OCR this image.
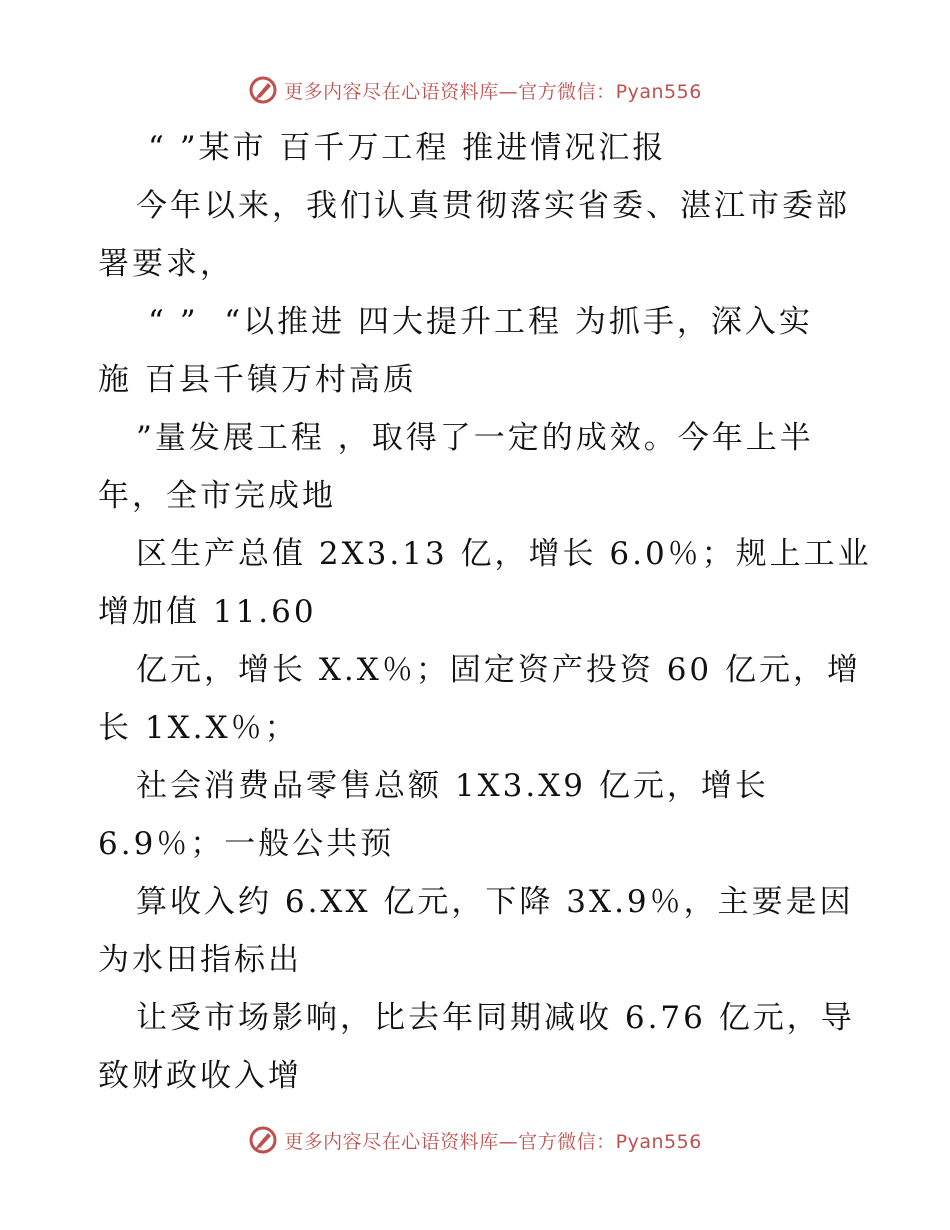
更多内容尽在心语资料库—官方微信：Pyan556
“ ”某市 百千万工程 推进情况汇报
今年以来，我们认真贯彻落实省委、湛江市委部
署要求，
“ ”  “以推进 四大提升工程 为抓手，深入实
施 百县千镇万村高质
”量发展工程 ，取得了一定的成效。今年上半
年，全市完成地
区生产总值 2X3.13 亿，增长 6.0％；规上工业
增加值 11.60
亿元，增长 X.X％；固定资产投资 60 亿元，增
长 1X.X％；
社会消费品零售总额 1X3.X9 亿元，增长
6.9％；一般公共预
算收入约 6.XX 亿元，下降 3X.9％，主要是因
为水田指标出
让受市场影响，比去年同期减收 6.76 亿元，导
致财政收入增
更多内容尽在心语资料库—官方微信：Pyan556
